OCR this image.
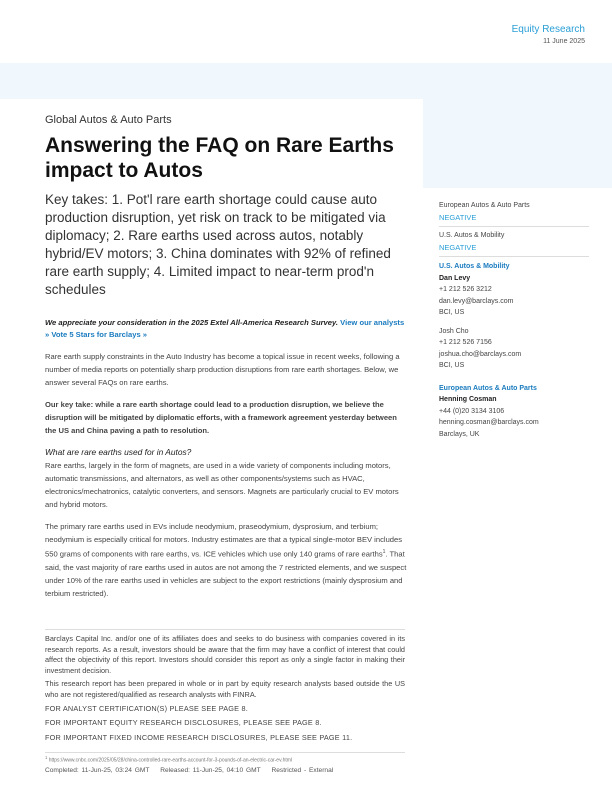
Equity Research
11 June 2025
Global Autos & Auto Parts
Answering the FAQ on Rare Earths impact to Autos
Key takes: 1. Pot'l rare earth shortage could cause auto production disruption, yet risk on track to be mitigated via diplomacy; 2. Rare earths used across autos, notably hybrid/EV motors; 3. China dominates with 92% of refined rare earth supply; 4. Limited impact to near-term prod'n schedules
We appreciate your consideration in the 2025 Extel All-America Research Survey. View our analysts » Vote 5 Stars for Barclays »

Rare earth supply constraints in the Auto Industry has become a topical issue in recent weeks, following a number of media reports on potentially sharp production disruptions from rare earth shortages. Below, we answer several FAQs on rare earths.

Our key take: while a rare earth shortage could lead to a production disruption, we believe the disruption will be mitigated by diplomatic efforts, with a framework agreement yesterday between the US and China paving a path to resolution.

What are rare earths used for in Autos?

Rare earths, largely in the form of magnets, are used in a wide variety of components including motors, automatic transmissions, and alternators, as well as other components/systems such as HVAC, electronics/mechatronics, catalytic converters, and sensors. Magnets are particularly crucial to EV motors and hybrid motors.

The primary rare earths used in EVs include neodymium, praseodymium, dysprosium, and terbium; neodymium is especially critical for motors. Industry estimates are that a typical single-motor BEV includes 550 grams of components with rare earths, vs. ICE vehicles which use only 140 grams of rare earths$^1$. That said, the vast majority of rare earths used in autos are not among the 7 restricted elements, and we suspect under 10% of the rare earths used in vehicles are subject to the export restrictions (mainly dysprosium and terbium restricted).

European Autos & Auto Parts
NEGATIVE
U.S. Autos & Mobility
NEGATIVE
U.S. Autos & Mobility
Dan Levy
+1 212 526 3212
dan.levy@barclays.com
BCI, US
Josh Cho
+1 212 526 7156
joshua.cho@barclays.com
BCI, US
European Autos & Auto Parts
Henning Cosman
+44 (0)20 3134 3106
henning.cosman@barclays.com
Barclays, UK

Barclays Capital Inc. and/or one of its affiliates does and seeks to do business with companies covered in its research reports. As a result, investors should be aware that the firm may have a conflict of interest that could affect the objectivity of this report. Investors should consider this report as only a single factor in making their investment decision.

This research report has been prepared in whole or in part by equity research analysts based outside the US who are not registered/qualified as research analysts with FINRA.

FOR ANALYST CERTIFICATION(S) PLEASE SEE PAGE 8.
FOR IMPORTANT EQUITY RESEARCH DISCLOSURES, PLEASE SEE PAGE 8.
FOR IMPORTANT FIXED INCOME RESEARCH DISCLOSURES, PLEASE SEE PAGE 11.
$^1$ https://www.cnbc.com/2025/05/28/china-controlled-rare-earths-account-for-3-pounds-of-an-electric-car-ev.html
Completed: 11-Jun-25, 03:24 GMT Released: 11-Jun-25, 04:10 GMT Restricted - External
